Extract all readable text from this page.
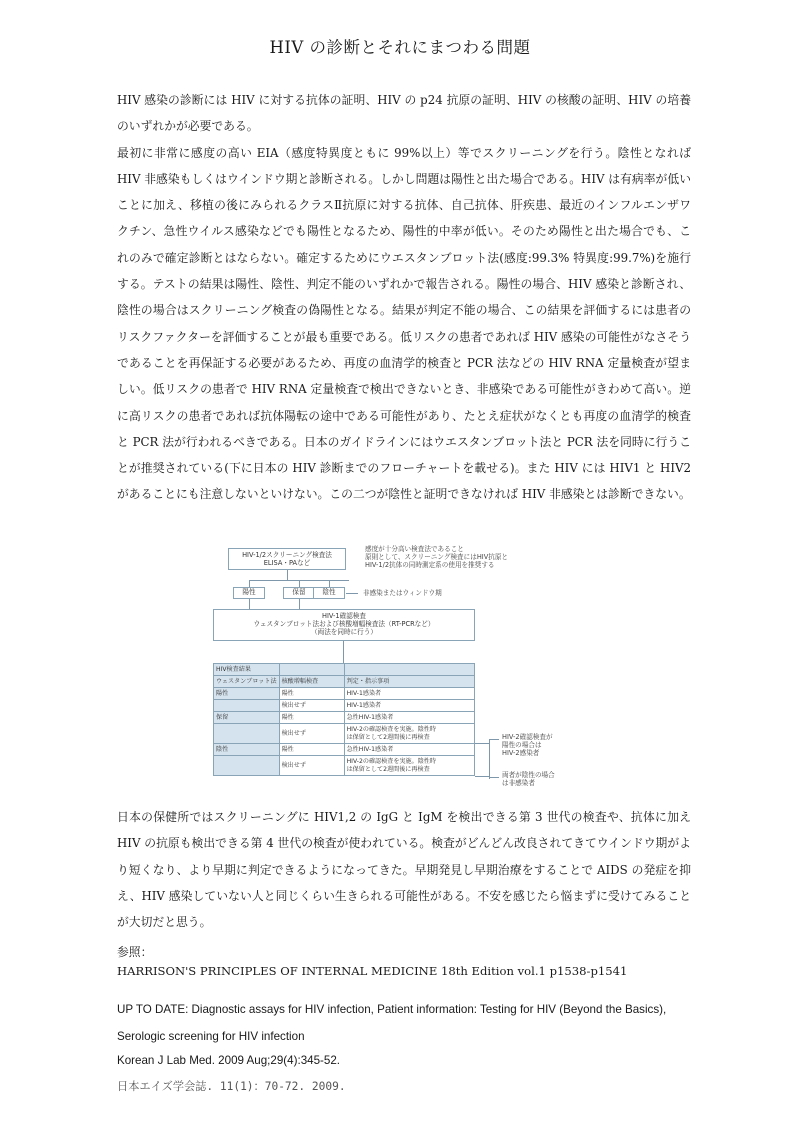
HIV の診断とそれにまつわる問題

HIV 感染の診断には HIV に対する抗体の証明、HIV の p24 抗原の証明、HIV の核酸の証明、HIV の培養のいずれかが必要である。

最初に非常に感度の高い EIA（感度特異度ともに 99%以上）等でスクリーニングを行う。陰性となれば HIV 非感染もしくはウインドウ期と診断される。しかし問題は陽性と出た場合である。HIV は有病率が低いことに加え、移植の後にみられるクラスⅡ抗原に対する抗体、自己抗体、肝疾患、最近のインフルエンザワクチン、急性ウイルス感染などでも陽性となるため、陽性的中率が低い。そのため陽性と出た場合でも、これのみで確定診断とはならない。確定するためにウエスタンブロット法(感度:99.3% 特異度:99.7%)を施行する。テストの結果は陽性、陰性、判定不能のいずれかで報告される。陽性の場合、HIV 感染と診断され、陰性の場合はスクリーニング検査の偽陽性となる。結果が判定不能の場合、この結果を評価するには患者のリスクファクターを評価することが最も重要である。低リスクの患者であれば HIV 感染の可能性がなさそうであることを再保証する必要があるため、再度の血清学的検査と PCR 法などの HIV RNA 定量検査が望ましい。低リスクの患者で HIV RNA 定量検査で検出できないとき、非感染である可能性がきわめて高い。逆に高リスクの患者であれば抗体陽転の途中である可能性があり、たとえ症状がなくとも再度の血清学的検査と PCR 法が行われるべきである。日本のガイドラインにはウエスタンブロット法と PCR 法を同時に行うことが推奨されている(下に日本の HIV 診断までのフローチャートを載せる)。また HIV には HIV1 と HIV2 があることにも注意しないといけない。この二つが陰性と証明できなければ HIV 非感染とは診断できない。

HIV-1/2スクリーニング検査法
ELISA・PAなど
感度が十分高い検査法であること
原則として、スクリーニング検査にはHIV抗原と
HIV-1/2抗体の同時測定系の使用を推奨する
陽性	保留	陰性	非感染またはウィンドウ期
HIV-1確認検査
ウェスタンブロット法および核酸増幅検査法（RT-PCRなど）
（両法を同時に行う）
HIV検査結果		
ウェスタンブロット法	核酸増幅検査	判定・指示事項
陽性	陽性	HIV-1感染者
	検出せず	HIV-1感染者
保留	陽性	急性HIV-1感染者
	検出せず	HIV-2の確認検査を実施。陰性時
は保留として2週間後に再検査
陰性	陽性	急性HIV-1感染者
	検出せず	HIV-2の確認検査を実施。陰性時
は保留として2週間後に再検査
HIV-2確認検査が
陽性の場合は
HIV-2感染者
両者が陰性の場合
は非感染者

日本の保健所ではスクリーニングに HIV1,2 の IgG と IgM を検出できる第 3 世代の検査や、抗体に加え HIV の抗原も検出できる第 4 世代の検査が使われている。検査がどんどん改良されてきてウインドウ期がより短くなり、より早期に判定できるようになってきた。早期発見し早期治療をすることで AIDS の発症を抑え、HIV 感染していない人と同じくらい生きられる可能性がある。不安を感じたら悩まずに受けてみることが大切だと思う。

参照：
HARRISON'S PRINCIPLES OF INTERNAL MEDICINE 18th Edition vol.1 p1538-p1541
UP TO DATE: Diagnostic assays for HIV infection, Patient information: Testing for HIV (Beyond the Basics), Serologic screening for HIV infection
Korean J Lab Med. 2009 Aug;29(4):345-52.
日本エイズ学会誌. 11(1)：70-72. 2009.
